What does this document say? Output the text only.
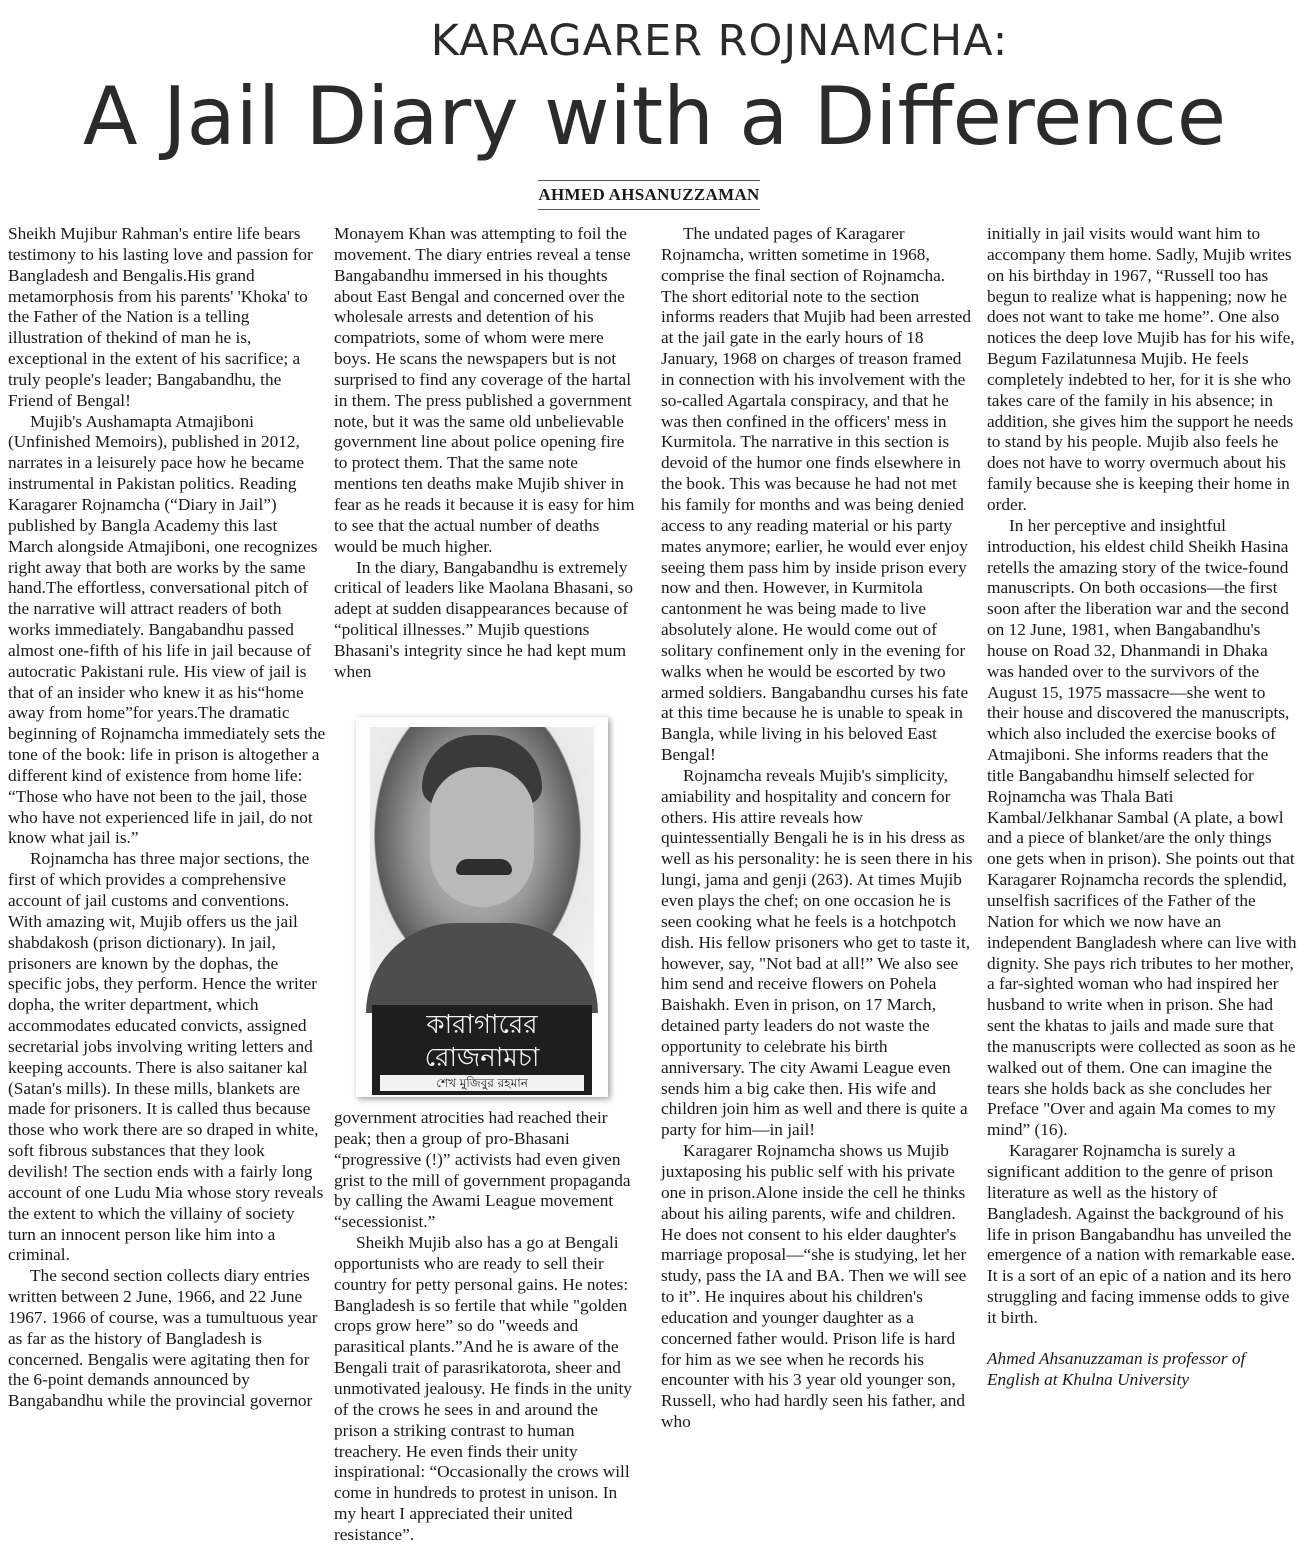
KARAGARER ROJNAMCHA:
A Jail Diary with a Difference
AHMED AHSANUZZAMAN

Sheikh Mujibur Rahman's entire life bears testimony to his lasting love and passion for Bangladesh and Bengalis.His grand metamorphosis from his parents' 'Khoka' to the Father of the Nation is a telling illustration of thekind of man he is, exceptional in the extent of his sacrifice; a truly people's leader; Bangabandhu, the Friend of Bengal!

Mujib's Aushamapta Atmajiboni (Unfinished Memoirs), published in 2012, narrates in a leisurely pace how he became instrumental in Pakistan politics. Reading Karagarer Rojnamcha (“Diary in Jail”) published by Bangla Academy this last March alongside Atmajiboni, one recognizes right away that both are works by the same hand.The effortless, conversational pitch of the narrative will attract readers of both works immediately. Bangabandhu passed almost one-fifth of his life in jail because of autocratic Pakistani rule. His view of jail is that of an insider who knew it as his“home away from home”for years.The dramatic beginning of Rojnamcha immediately sets the tone of the book: life in prison is altogether a different kind of existence from home life: “Those who have not been to the jail, those who have not experienced life in jail, do not know what jail is.”

Rojnamcha has three major sections, the first of which provides a comprehensive account of jail customs and conventions. With amazing wit, Mujib offers us the jail shabdakosh (prison dictionary). In jail, prisoners are known by the dophas, the specific jobs, they perform. Hence the writer dopha, the writer department, which accommodates educated convicts, assigned secretarial jobs involving writing letters and keeping accounts. There is also saitaner kal (Satan's mills). In these mills, blankets are made for prisoners. It is called thus because those who work there are so draped in white, soft fibrous substances that they look devilish! The section ends with a fairly long account of one Ludu Mia whose story reveals the extent to which the villainy of society turn an innocent person like him into a criminal.

The second section collects diary entries written between 2 June, 1966, and 22 June 1967. 1966 of course, was a tumultuous year as far as the history of Bangladesh is concerned. Bengalis were agitating then for the 6-point demands announced by Bangabandhu while the provincial governor

Monayem Khan was attempting to foil the movement. The diary entries reveal a tense Bangabandhu immersed in his thoughts about East Bengal and concerned over the wholesale arrests and detention of his compatriots, some of whom were mere boys. He scans the newspapers but is not surprised to find any coverage of the hartal in them. The press published a government note, but it was the same old unbelievable government line about police opening fire to protect them. That the same note mentions ten deaths make Mujib shiver in fear as he reads it because it is easy for him to see that the actual number of deaths would be much higher.

In the diary, Bangabandhu is extremely critical of leaders like Maolana Bhasani, so adept at sudden disappearances because of “political illnesses.” Mujib questions Bhasani's integrity since he had kept mum when

কারাগারের
রোজনামচা
শেখ মুজিবুর রহমান

government atrocities had reached their peak; then a group of pro-Bhasani “progressive (!)” activists had even given grist to the mill of government propaganda by calling the Awami League movement “secessionist.”

Sheikh Mujib also has a go at Bengali opportunists who are ready to sell their country for petty personal gains. He notes: Bangladesh is so fertile that while "golden crops grow here” so do "weeds and parasitical plants.”And he is aware of the Bengali trait of parasrikatorota, sheer and unmotivated jealousy. He finds in the unity of the crows he sees in and around the prison a striking contrast to human treachery. He even finds their unity inspirational: “Occasionally the crows will come in hundreds to protest in unison. In my heart I appreciated their united resistance”.

The undated pages of Karagarer Rojnamcha, written sometime in 1968, comprise the final section of Rojnamcha. The short editorial note to the section informs readers that Mujib had been arrested at the jail gate in the early hours of 18 January, 1968 on charges of treason framed in connection with his involvement with the so-called Agartala conspiracy, and that he was then confined in the officers' mess in Kurmitola. The narrative in this section is devoid of the humor one finds elsewhere in the book. This was because he had not met his family for months and was being denied access to any reading material or his party mates anymore; earlier, he would ever enjoy seeing them pass him by inside prison every now and then. However, in Kurmitola cantonment he was being made to live absolutely alone. He would come out of solitary confinement only in the evening for walks when he would be escorted by two armed soldiers. Bangabandhu curses his fate at this time because he is unable to speak in Bangla, while living in his beloved East Bengal!

Rojnamcha reveals Mujib's simplicity, amiability and hospitality and concern for others. His attire reveals how quintessentially Bengali he is in his dress as well as his personality: he is seen there in his lungi, jama and genji (263). At times Mujib even plays the chef; on one occasion he is seen cooking what he feels is a hotchpotch dish. His fellow prisoners who get to taste it, however, say, "Not bad at all!” We also see him send and receive flowers on Pohela Baishakh. Even in prison, on 17 March, detained party leaders do not waste the opportunity to celebrate his birth anniversary. The city Awami League even sends him a big cake then. His wife and children join him as well and there is quite a party for him—in jail!

Karagarer Rojnamcha shows us Mujib juxtaposing his public self with his private one in prison.Alone inside the cell he thinks about his ailing parents, wife and children. He does not consent to his elder daughter's marriage proposal—“she is studying, let her study, pass the IA and BA. Then we will see to it”. He inquires about his children's education and younger daughter as a concerned father would. Prison life is hard for him as we see when he records his encounter with his 3 year old younger son, Russell, who had hardly seen his father, and who

initially in jail visits would want him to accompany them home. Sadly, Mujib writes on his birthday in 1967, “Russell too has begun to realize what is happening; now he does not want to take me home”. One also notices the deep love Mujib has for his wife, Begum Fazilatunnesa Mujib. He feels completely indebted to her, for it is she who takes care of the family in his absence; in addition, she gives him the support he needs to stand by his people. Mujib also feels he does not have to worry overmuch about his family because she is keeping their home in order.

In her perceptive and insightful introduction, his eldest child Sheikh Hasina retells the amazing story of the twice-found manuscripts. On both occasions—the first soon after the liberation war and the second on 12 June, 1981, when Bangabandhu's house on Road 32, Dhanmandi in Dhaka was handed over to the survivors of the August 15, 1975 massacre—she went to their house and discovered the manuscripts, which also included the exercise books of Atmajiboni. She informs readers that the title Bangabandhu himself selected for Rojnamcha was Thala Bati Kambal/Jelkhanar Sambal (A plate, a bowl and a piece of blanket/are the only things one gets when in prison). She points out that Karagarer Rojnamcha records the splendid, unselfish sacrifices of the Father of the Nation for which we now have an independent Bangladesh where can live with dignity. She pays rich tributes to her mother, a far-sighted woman who had inspired her husband to write when in prison. She had sent the khatas to jails and made sure that the manuscripts were collected as soon as he walked out of them. One can imagine the tears she holds back as she concludes her Preface "Over and again Ma comes to my mind” (16).

Karagarer Rojnamcha is surely a significant addition to the genre of prison literature as well as the history of Bangladesh. Against the background of his life in prison Bangabandhu has unveiled the emergence of a nation with remarkable ease. It is a sort of an epic of a nation and its hero struggling and facing immense odds to give it birth.

Ahmed Ahsanuzzaman is professor of English at Khulna University
